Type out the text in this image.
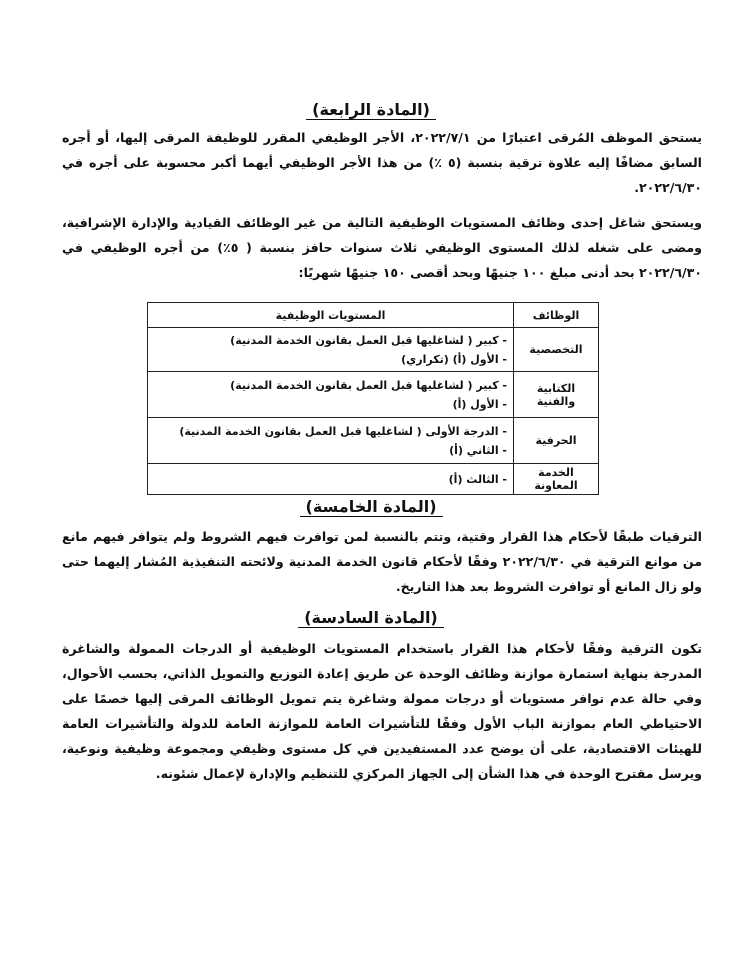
(المادة الرابعة)
يستحق الموظف المُرقى اعتبارًا من ٢٠٢٢/٧/١، الأجر الوظيفي المقرر للوظيفة المرقى إليها، أو أجره السابق مضافًا إليه علاوة ترقية بنسبة (٥ ٪) من هذا الأجر الوظيفي أيهما أكبر محسوبة على أجره في ٢٠٢٢/٦/٣٠.
ويستحق شاغل إحدى وظائف المستويات الوظيفية التالية من غير الوظائف القيادية والإدارة الإشرافية، ومضى على شغله لذلك المستوى الوظيفي ثلاث سنوات حافز بنسبة ( ٥٪) من أجره الوظيفي في ٢٠٢٢/٦/٣٠ بحد أدنى مبلغ ١٠٠ جنيهًا وبحد أقصى ١٥٠ جنيهًا شهريًا:
الوظائف	المستويات الوظيفية
التخصصية	- كبير ( لشاغليها قبل العمل بقانون الخدمة المدنية)
- الأول (أ) (تكراري)

الكتابية والفنية	- كبير ( لشاغليها قبل العمل بقانون الخدمة المدنية)
- الأول (أ)

الحرفية	- الدرجة الأولى ( لشاغليها قبل العمل بقانون الخدمة المدنية)
- الثاني (أ)

الخدمة المعاونة	- الثالث (أ)
(المادة الخامسة)
الترقيات طبقًا لأحكام هذا القرار وقتية، وتتم بالنسبة لمن توافرت فيهم الشروط ولم يتوافر فيهم مانع من موانع الترقية في ٢٠٢٢/٦/٣٠ وفقًا لأحكام قانون الخدمة المدنية ولائحته التنفيذية المُشار إليهما حتى ولو زال المانع أو توافرت الشروط بعد هذا التاريخ.
(المادة السادسة)
تكون الترقية وفقًا لأحكام هذا القرار باستخدام المستويات الوظيفية أو الدرجات الممولة والشاغرة المدرجة بنهاية استمارة موازنة وظائف الوحدة عن طريق إعادة التوزيع والتمويل الذاتي، بحسب الأحوال، وفي حالة عدم توافر مستويات أو درجات ممولة وشاغرة يتم تمويل الوظائف المرقى إليها خصمًا على الاحتياطي العام بموازنة الباب الأول وفقًا للتأشيرات العامة للموازنة العامة للدولة والتأشيرات العامة للهيئات الاقتصادية، على أن يوضح عدد المستفيدين في كل مستوى وظيفي ومجموعة وظيفية ونوعية، ويرسل مقترح الوحدة في هذا الشأن إلى الجهاز المركزي للتنظيم والإدارة لإعمال شئونه.
